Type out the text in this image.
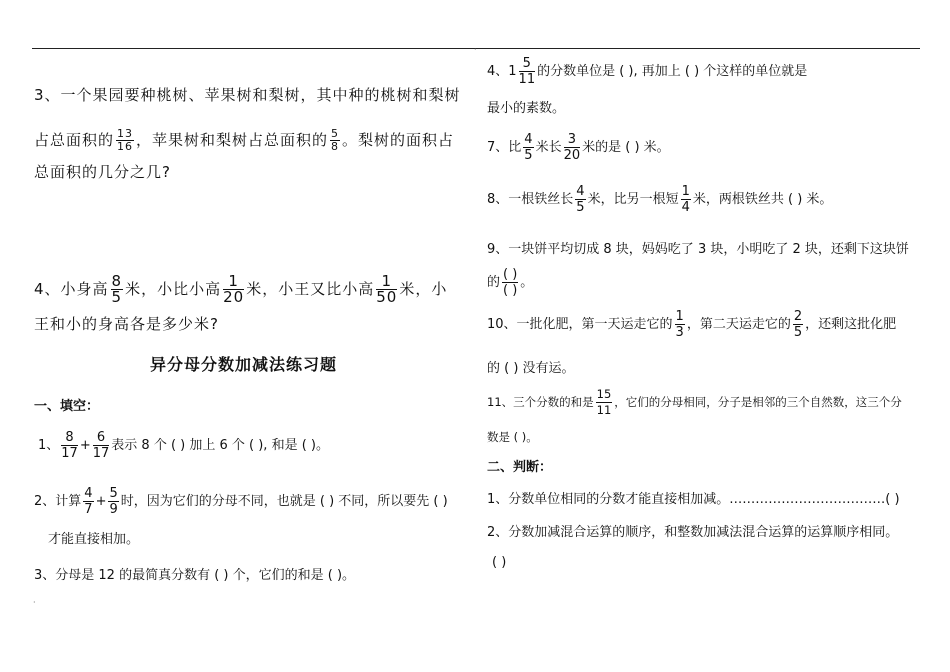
·
·
3、一个果园要种桃树、苹果树和梨树，其中种的桃树和梨树
占总面积的 $\frac{13}{16}$ ，苹果树和梨树占总面积的 $\frac{5}{8}$ 。梨树的面积占
总面积的几分之几?
4、小身高 $\frac{8}{5}$ 米，小比小高 $\frac{1}{20}$ 米，小王又比小高 $\frac{1}{50}$ 米，小
王和小的身高各是多少米?
异分母分数加减法练习题
一、填空：
1、 $\frac{8}{17} + \frac{6}{17}$ 表示 8 个 ( ) 加上 6 个 ( ), 和是 ( )。
2、计算 $\frac{4}{7} + \frac{5}{9}$ 时，因为它们的分母不同，也就是 ( ) 不同，所以要先 ( )
才能直接相加。
3、分母是 12 的最简真分数有 ( ) 个，它们的和是 ( )。
4、$1 \frac{5}{11}$ 的分数单位是 ( ), 再加上 ( ) 个这样的单位就是
最小的素数。
7、比 $\frac{4}{5}$ 米长 $\frac{3}{20}$ 米的是 ( ) 米。
8、一根铁丝长 $\frac{4}{5}$ 米，比另一根短 $\frac{1}{4}$ 米，两根铁丝共 ( ) 米。
9、一块饼平均切成 8 块，妈妈吃了 3 块，小明吃了 2 块，还剩下这块饼
的 $\frac{( )}{( )}$ 。
10、一批化肥，第一天运走它的 $\frac{1}{3}$ ，第二天运走它的 $\frac{2}{5}$ ，还剩这批化肥
的 ( ) 没有运。
11、三个分数的和是 $\frac{15}{11}$ ，它们的分母相同，分子是相邻的三个自然数，这三个分
数是 ( )。
二、判断：
1、分数单位相同的分数才能直接相加减。………………………………( )
2、分数加减混合运算的顺序，和整数加减法混合运算的运算顺序相同。
( )
